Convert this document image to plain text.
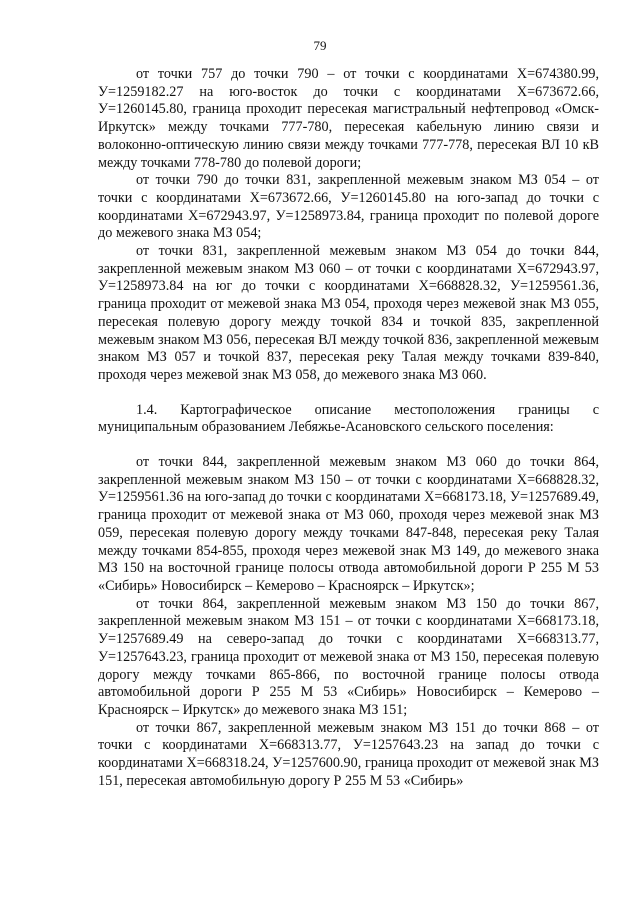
79

от точки 757 до точки 790 – от точки с координатами Х=674380.99, У=1259182.27 на юго-восток до точки с координатами Х=673672.66, У=1260145.80, граница проходит пересекая магистральный нефтепровод «Омск-Иркутск» между точками 777-780, пересекая кабельную линию связи и волоконно-оптическую линию связи между точками 777-778, пересекая ВЛ 10 кВ между точками 778-780 до полевой дороги;

от точки 790 до точки 831, закрепленной межевым знаком МЗ 054 – от точки с координатами Х=673672.66, У=1260145.80 на юго-запад до точки с координатами Х=672943.97, У=1258973.84, граница проходит по полевой дороге до межевого знака МЗ 054;

от точки 831, закрепленной межевым знаком МЗ 054 до точки 844, закрепленной межевым знаком МЗ 060 – от точки с координатами Х=672943.97, У=1258973.84 на юг до точки с координатами Х=668828.32, У=1259561.36, граница проходит от межевой знака МЗ 054, проходя через межевой знак МЗ 055, пересекая полевую дорогу между точкой 834 и точкой 835, закрепленной межевым знаком МЗ 056, пересекая ВЛ между точкой 836, закрепленной межевым знаком МЗ 057 и точкой 837, пересекая реку Талая между точками 839-840, проходя через межевой знак МЗ 058, до межевого знака МЗ 060.

1.4. Картографическое описание местоположения границы с муниципальным образованием Лебяжье-Асановского сельского поселения:

от точки 844, закрепленной межевым знаком МЗ 060 до точки 864, закрепленной межевым знаком МЗ 150 – от точки с координатами Х=668828.32, У=1259561.36 на юго-запад до точки с координатами Х=668173.18, У=1257689.49, граница проходит от межевой знака от МЗ 060, проходя через межевой знак МЗ 059, пересекая полевую дорогу между точками 847-848, пересекая реку Талая между точками 854-855, проходя через межевой знак МЗ 149, до межевого знака МЗ 150 на восточной границе полосы отвода автомобильной дороги Р 255 М 53 «Сибирь» Новосибирск – Кемерово – Красноярск – Иркутск»;

от точки 864, закрепленной межевым знаком МЗ 150 до точки 867, закрепленной межевым знаком МЗ 151 – от точки с координатами Х=668173.18, У=1257689.49 на северо-запад до точки с координатами Х=668313.77, У=1257643.23, граница проходит от межевой знака от МЗ 150, пересекая полевую дорогу между точками 865-866, по восточной границе полосы отвода автомобильной дороги Р 255 М 53 «Сибирь» Новосибирск – Кемерово – Красноярск – Иркутск» до межевого знака МЗ 151;

от точки 867, закрепленной межевым знаком МЗ 151 до точки 868 – от точки с координатами Х=668313.77, У=1257643.23 на запад до точки с координатами Х=668318.24, У=1257600.90, граница проходит от межевой знак МЗ 151, пересекая автомобильную дорогу Р 255 М 53 «Сибирь»
